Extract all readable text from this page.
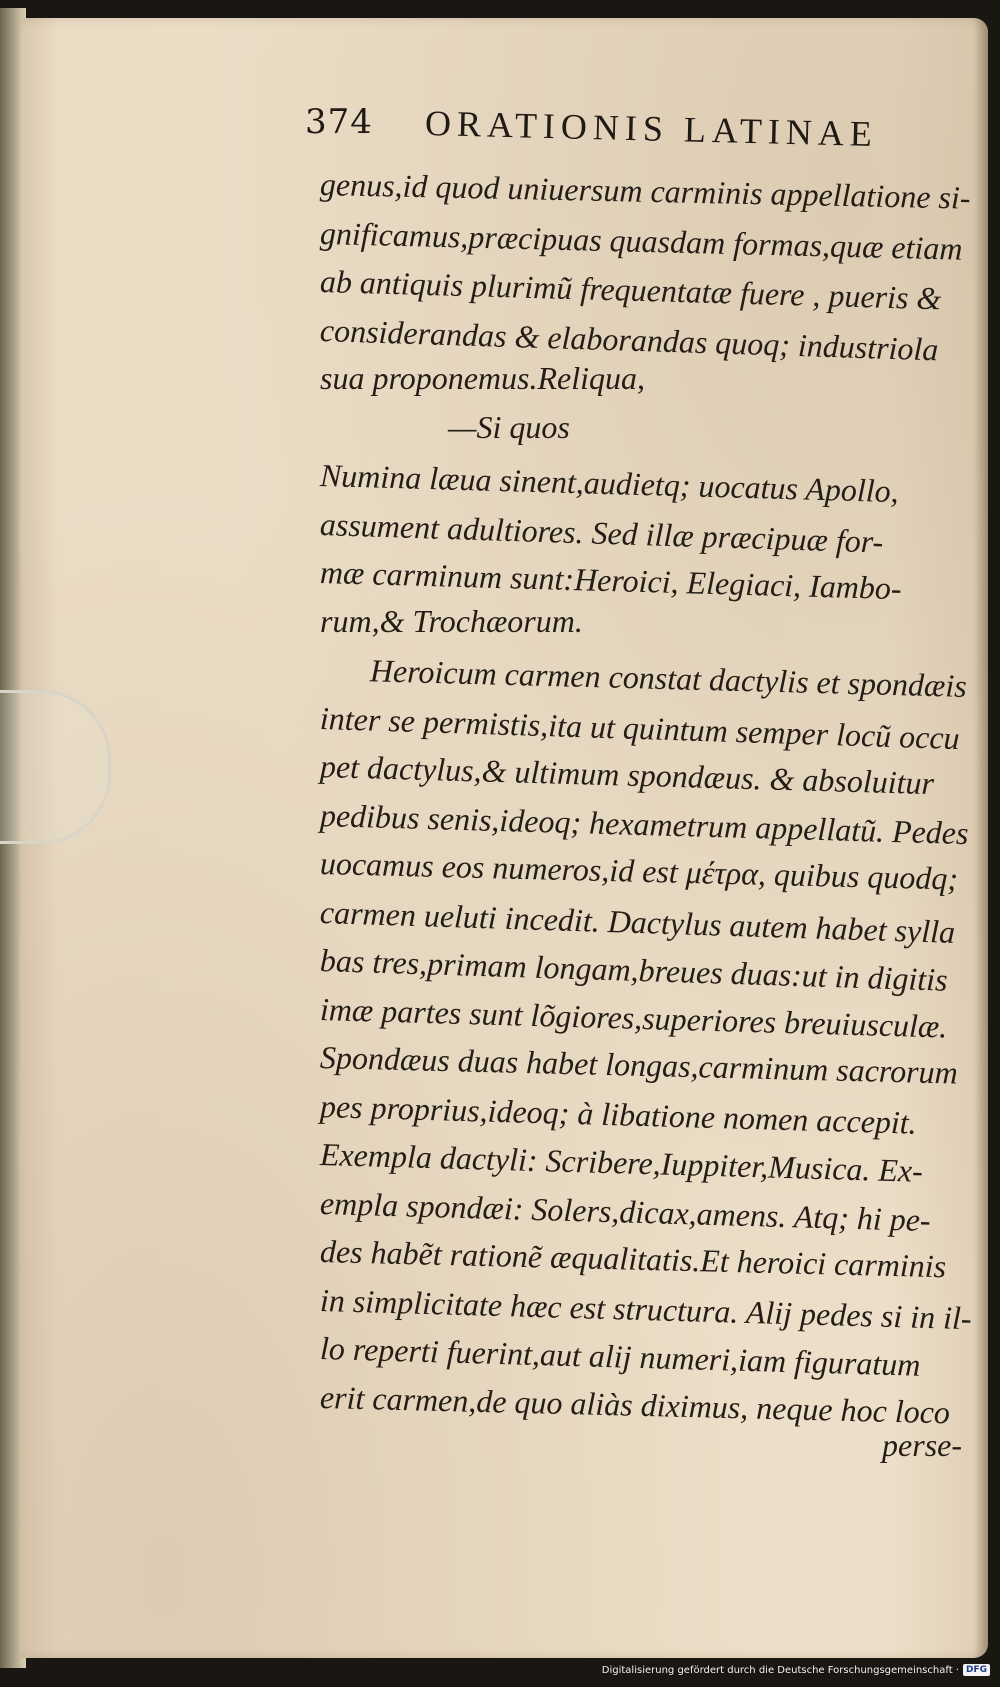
374 ORATIONIS LATINAE
genus,id quod uniuersum carminis appellatione si-
gnificamus,præcipuas quasdam formas,quæ etiam
ab antiquis plurimũ frequentatæ fuere , pueris &
considerandas & elaborandas quoq; industriola
sua proponemus.Reliqua,
—Si quos
Numina læua sinent,audietq; uocatus Apollo,
assument adultiores. Sed illæ præcipuæ for-
mæ carminum sunt:Heroici, Elegiaci, Iambo-
rum,& Trochæorum.
Heroicum carmen constat dactylis et spondæis
inter se permistis,ita ut quintum semper locũ occu
pet dactylus,& ultimum spondæus. & absoluitur
pedibus senis,ideoq; hexametrum appellatũ. Pedes
uocamus eos numeros,id est μέτρα, quibus quodq;
carmen ueluti incedit. Dactylus autem habet sylla
bas tres,primam longam,breues duas:ut in digitis
imæ partes sunt lõgiores,superiores breuiusculæ.
Spondæus duas habet longas,carminum sacrorum
pes proprius,ideoq; à libatione nomen accepit.
Exempla dactyli: Scribere,Iuppiter,Musica. Ex-
empla spondæi: Solers,dicax,amens. Atq; hi pe-
des habẽt rationẽ æqualitatis.Et heroici carminis
in simplicitate hæc est structura. Alij pedes si in il-
lo reperti fuerint,aut alij numeri,iam figuratum
erit carmen,de quo aliàs diximus, neque hoc loco
perse-
Digitalisierung gefördert durch die Deutsche Forschungsgemeinschaft · DFG
